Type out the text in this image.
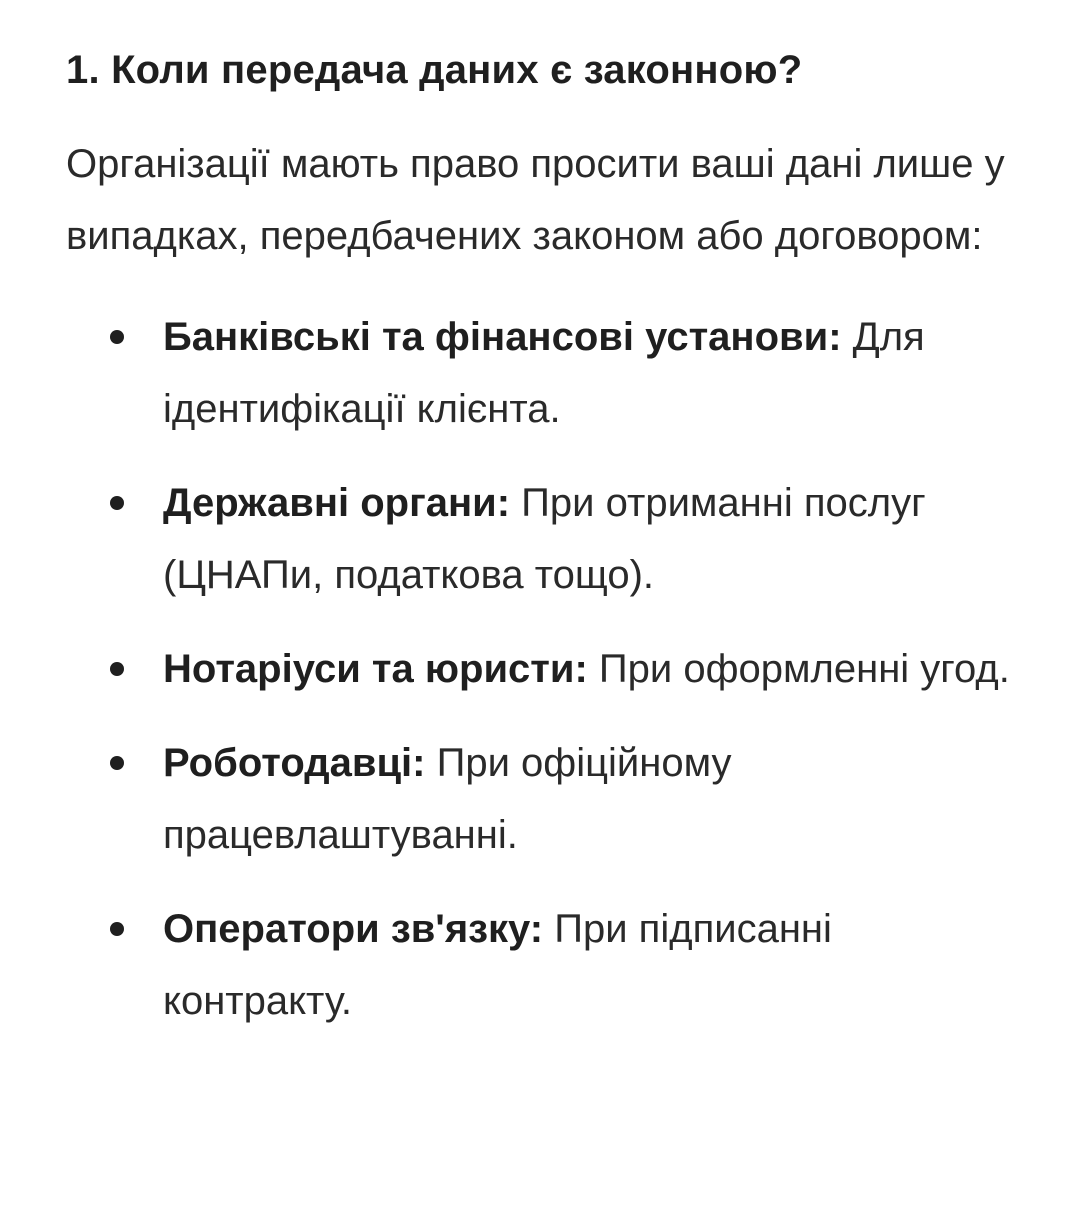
1. Коли передача даних є законною?

Організації мають право просити ваші дані лише у випадках, передбачених законом або договором:

Банківські та фінансові установи: Для ідентифікації клієнта.
Державні органи: При отриманні послуг (ЦНАПи, податкова тощо).
Нотаріуси та юристи: При оформленні угод.
Роботодавці: При офіційному працевлаштуванні.
Оператори зв'язку: При підписанні контракту.
